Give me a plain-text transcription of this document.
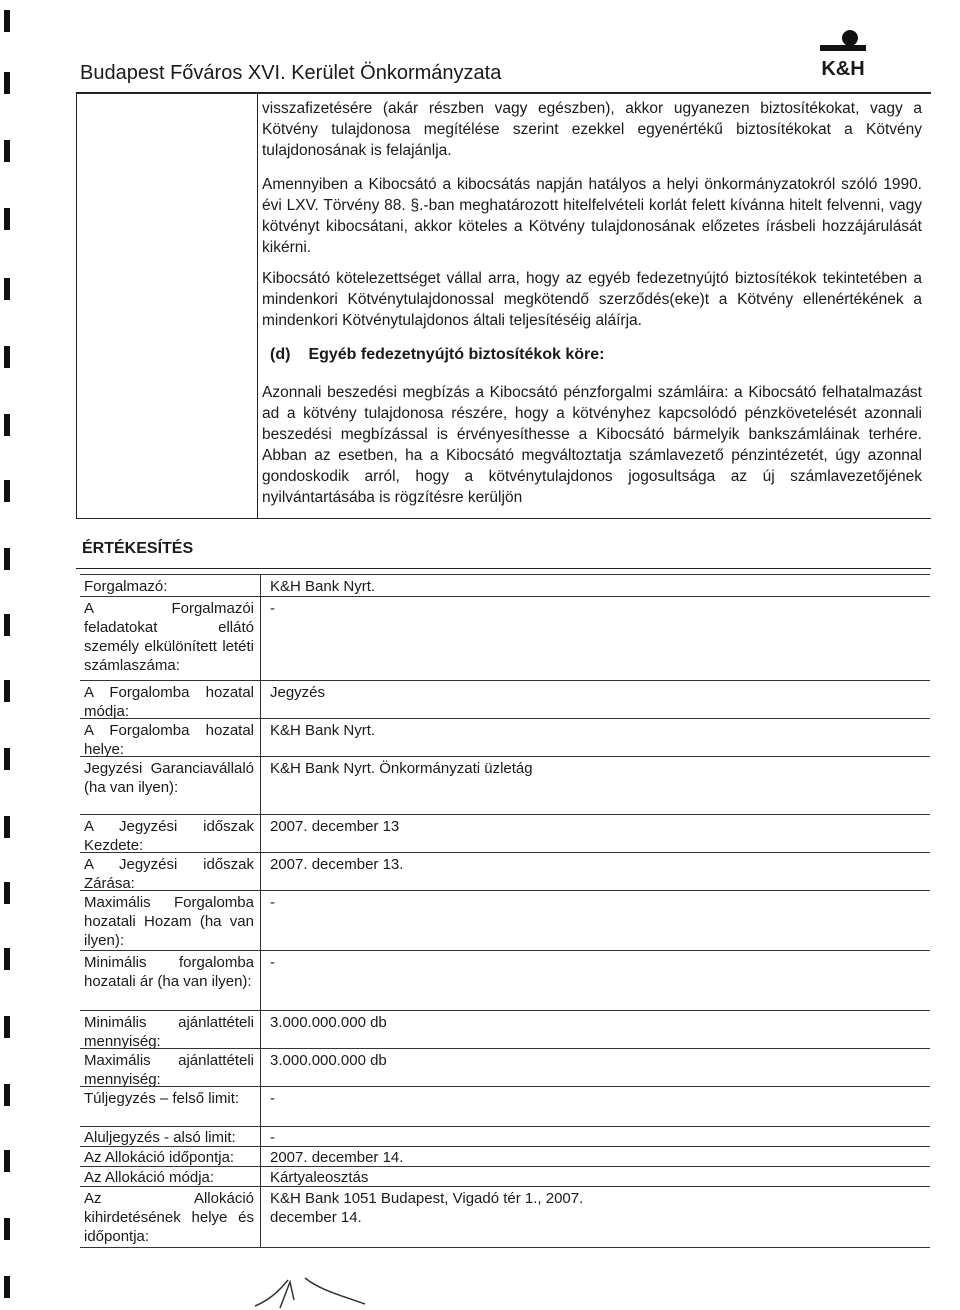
Budapest Főváros XVI. Kerület Önkormányzata	K&H
visszafizetésére (akár részben vagy egészben), akkor ugyanezen biztosítékokat, vagy a Kötvény tulajdonosa megítélése szerint ezekkel egyenértékű biztosítékokat a Kötvény tulajdonosának is felajánlja.
Amennyiben a Kibocsátó a kibocsátás napján hatályos a helyi önkormányzatokról szóló 1990. évi LXV. Törvény 88. §.-ban meghatározott hitelfelvételi korlát felett kívánna hitelt felvenni, vagy kötvényt kibocsátani, akkor köteles a Kötvény tulajdonosának előzetes írásbeli hozzájárulását kikérni.
Kibocsátó kötelezettséget vállal arra, hogy az egyéb fedezetnyújtó biztosítékok tekintetében a mindenkori Kötvénytulajdonossal megkötendő szerződés(eke)t a Kötvény ellenértékének a mindenkori Kötvénytulajdonos általi teljesítéséig aláírja.
(d) Egyéb fedezetnyújtó biztosítékok köre:
Azonnali beszedési megbízás a Kibocsátó pénzforgalmi számláira: a Kibocsátó felhatalmazást ad a kötvény tulajdonosa részére, hogy a kötvényhez kapcsolódó pénzkövetelését azonnali beszedési megbízással is érvényesíthesse a Kibocsátó bármelyik bankszámláinak terhére. Abban az esetben, ha a Kibocsátó megváltoztatja számlavezető pénzintézetét, úgy azonnal gondoskodik arról, hogy a kötvénytulajdonos jogosultsága az új számlavezetőjének nyilvántartásába is rögzítésre kerüljön
ÉRTÉKESÍTÉS
Forgalmazó:	K&H Bank Nyrt.
A Forgalmazói feladatokat ellátó személy elkülönített letéti számlaszáma:
-
A Forgalomba hozatal módja:
Jegyzés
A Forgalomba hozatal helye:
K&H Bank Nyrt.
Jegyzési Garanciavállaló (ha van ilyen):
K&H Bank Nyrt. Önkormányzati üzletág
A Jegyzési időszak Kezdete:
2007. december 13
A Jegyzési időszak Zárása:
2007. december 13.
Maximális Forgalomba hozatali Hozam (ha van ilyen):
-
Minimális forgalomba hozatali ár (ha van ilyen):
-
Minimális ajánlattételi mennyiség:
3.000.000.000 db
Maximális ajánlattételi mennyiség:
3.000.000.000 db
Túljegyzés – felső limit:	-
Aluljegyzés - alsó limit:	-
Az Allokáció időpontja:	2007. december 14.
Az Allokáció módja:	Kártyaleosztás
Az Allokáció kihirdetésének helye és időpontja:
K&H Bank 1051 Budapest, Vigadó tér 1., 2007. december 14.
